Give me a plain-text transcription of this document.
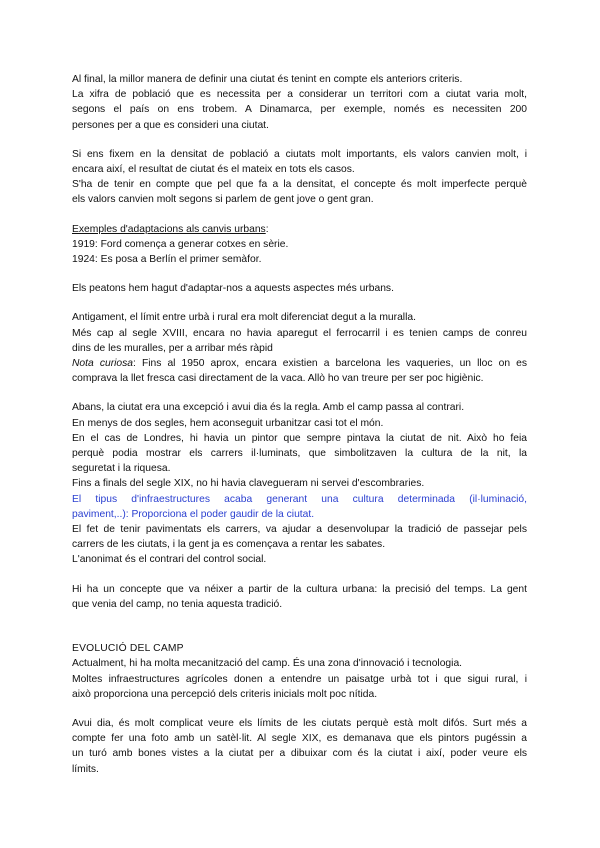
Al final, la millor manera de definir una ciutat és tenint en compte els anteriors criteris.
La xifra de població que es necessita per a considerar un territori com a ciutat varia molt,
segons el país on ens trobem. A Dinamarca, per exemple, només es necessiten 200
persones per a que es consideri una ciutat.
Si ens fixem en la densitat de població a ciutats molt importants, els valors canvien molt, i
encara així, el resultat de ciutat és el mateix en tots els casos.
S'ha de tenir en compte que pel que fa a la densitat, el concepte és molt imperfecte perquè
els valors canvien molt segons si parlem de gent jove o gent gran.
Exemples d'adaptacions als canvis urbans:
1919: Ford comença a generar cotxes en sèrie.
1924: Es posa a Berlín el primer semàfor.
Els peatons hem hagut d'adaptar-nos a aquests aspectes més urbans.
Antigament, el límit entre urbà i rural era molt diferenciat degut a la muralla.
Més cap al segle XVIII, encara no havia aparegut el ferrocarril i es tenien camps de conreu
dins de les muralles, per a arribar més ràpid
Nota curiosa: Fins al 1950 aprox, encara existien a barcelona les vaqueries, un lloc on es
comprava la llet fresca casi directament de la vaca. Allò ho van treure per ser poc higiènic.
Abans, la ciutat era una excepció i avui dia és la regla. Amb el camp passa al contrari.
En menys de dos segles, hem aconseguit urbanitzar casi tot el món.
En el cas de Londres, hi havia un pintor que sempre pintava la ciutat de nit. Això ho feia
perquè podia mostrar els carrers il·luminats, que simbolitzaven la cultura de la nit, la
seguretat i la riquesa.
Fins a finals del segle XIX, no hi havia clavegueram ni servei d'escombraries.
El tipus d'infraestructures acaba generant una cultura determinada (il·luminació,
paviment,..): Proporciona el poder gaudir de la ciutat.
El fet de tenir pavimentats els carrers, va ajudar a desenvolupar la tradició de passejar pels
carrers de les ciutats, i la gent ja es començava a rentar les sabates.
L'anonimat és el contrari del control social.
Hi ha un concepte que va néixer a partir de la cultura urbana: la precisió del temps. La gent
que venia del camp, no tenia aquesta tradició.
EVOLUCIÓ DEL CAMP
Actualment, hi ha molta mecanització del camp. És una zona d'innovació i tecnologia.
Moltes infraestructures agrícoles donen a entendre un paisatge urbà tot i que sigui rural, i
això proporciona una percepció dels criteris inicials molt poc nítida.
Avui dia, és molt complicat veure els límits de les ciutats perquè està molt difós. Surt més a
compte fer una foto amb un satèl·lit. Al segle XIX, es demanava que els pintors pugéssin a
un turó amb bones vistes a la ciutat per a dibuixar com és la ciutat i així, poder veure els
límits.
